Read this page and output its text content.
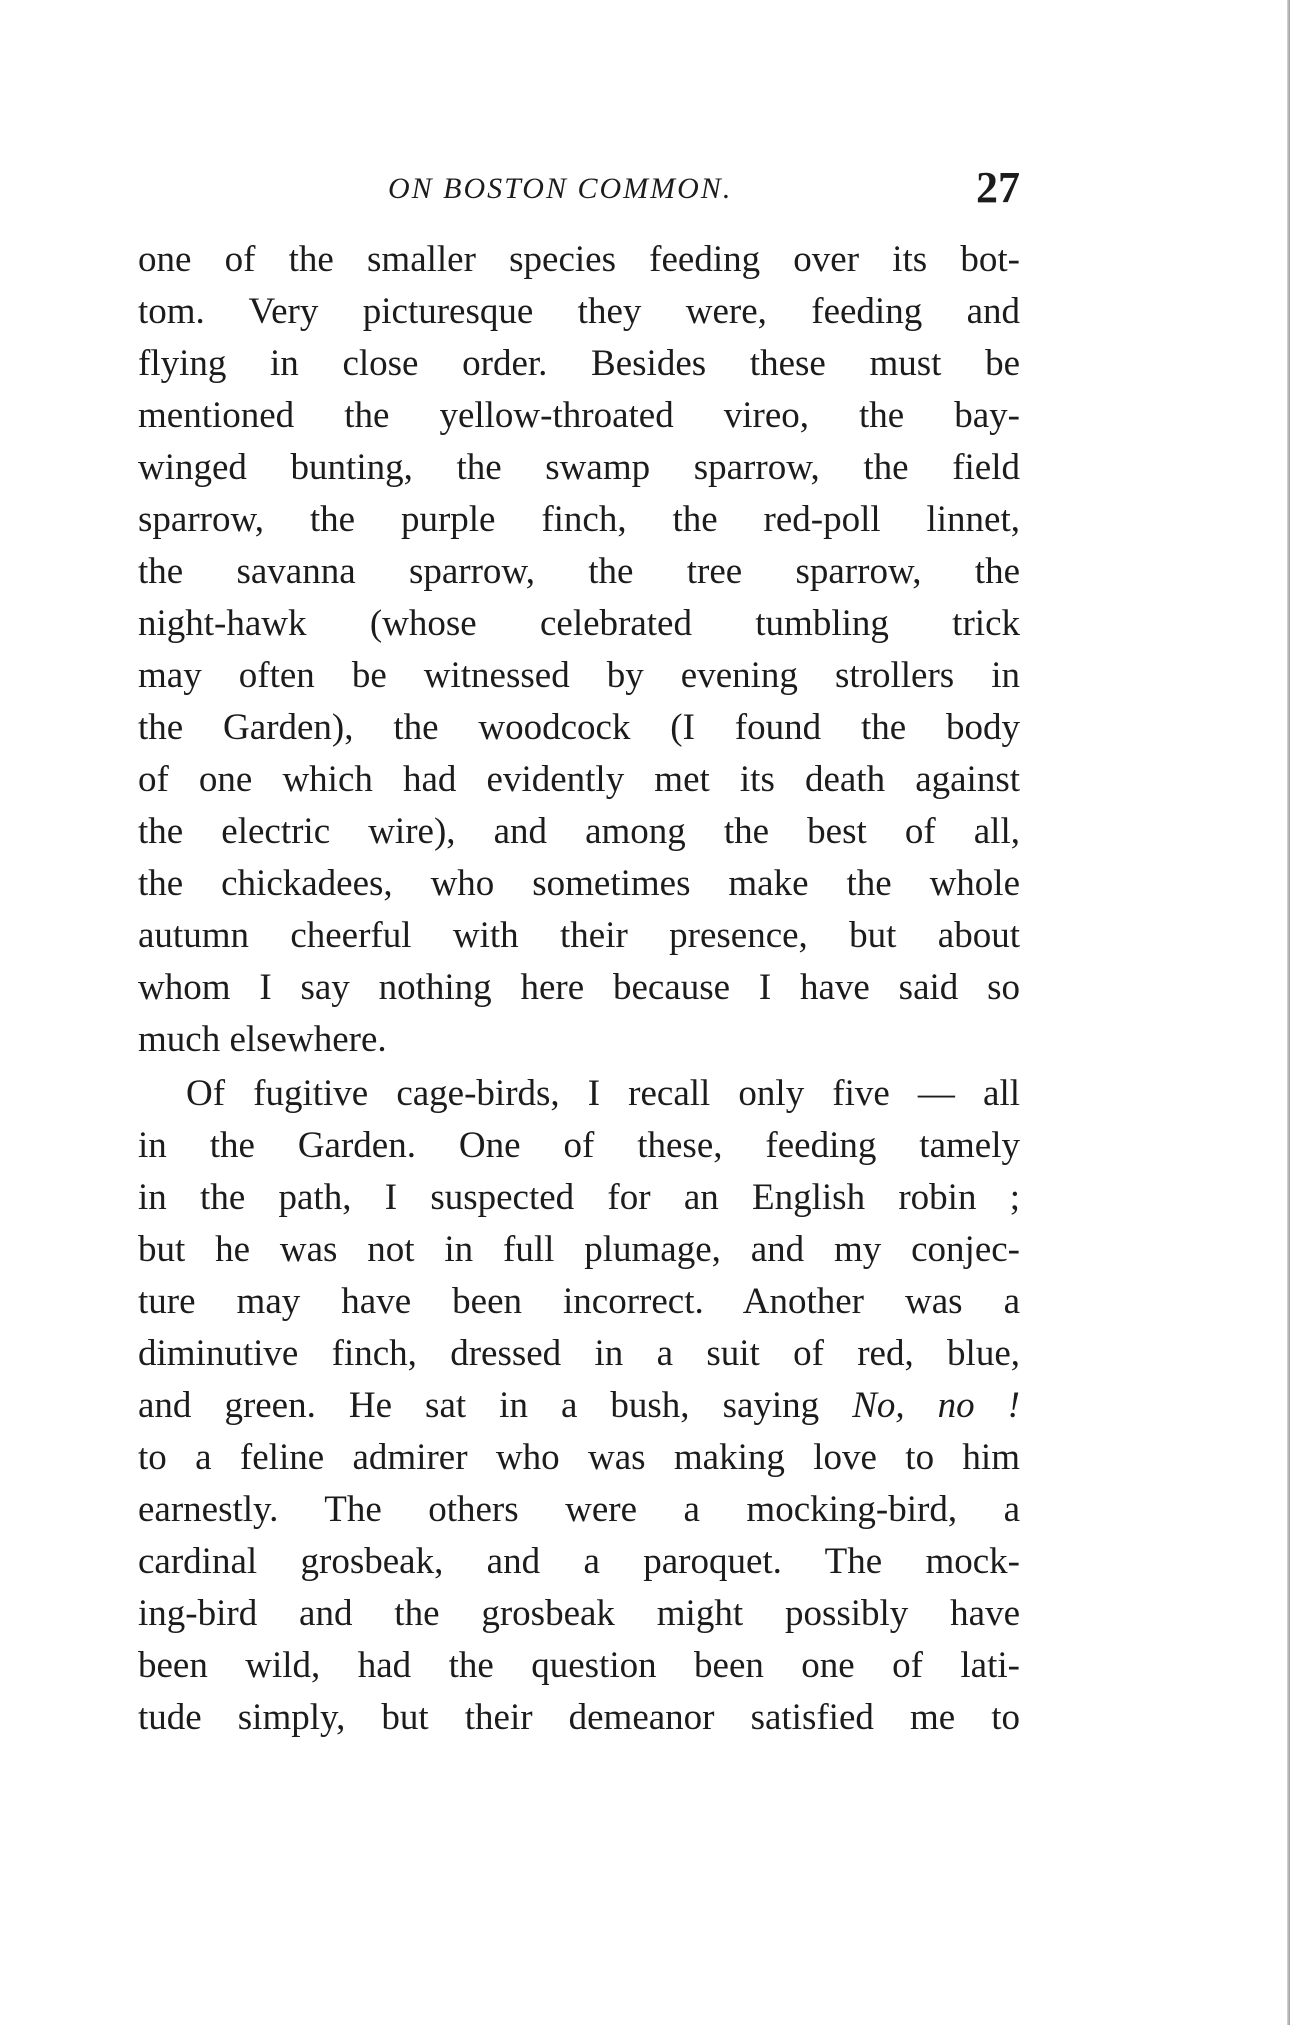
ON BOSTON COMMON.	27
one of the smaller species feeding over its bot-
tom. Very picturesque they were, feeding and
flying in close order. Besides these must be
mentioned the yellow-throated vireo, the bay-
winged bunting, the swamp sparrow, the field
sparrow, the purple finch, the red-poll linnet,
the savanna sparrow, the tree sparrow, the
night-hawk (whose celebrated tumbling trick
may often be witnessed by evening strollers in
the Garden), the woodcock (I found the body
of one which had evidently met its death against
the electric wire), and among the best of all,
the chickadees, who sometimes make the whole
autumn cheerful with their presence, but about
whom I say nothing here because I have said so
much elsewhere.
Of fugitive cage-birds, I recall only five — all
in the Garden. One of these, feeding tamely
in the path, I suspected for an English robin ;
but he was not in full plumage, and my conjec-
ture may have been incorrect. Another was a
diminutive finch, dressed in a suit of red, blue,
and green. He sat in a bush, saying No, no !
to a feline admirer who was making love to him
earnestly. The others were a mocking-bird, a
cardinal grosbeak, and a paroquet. The mock-
ing-bird and the grosbeak might possibly have
been wild, had the question been one of lati-
tude simply, but their demeanor satisfied me to
